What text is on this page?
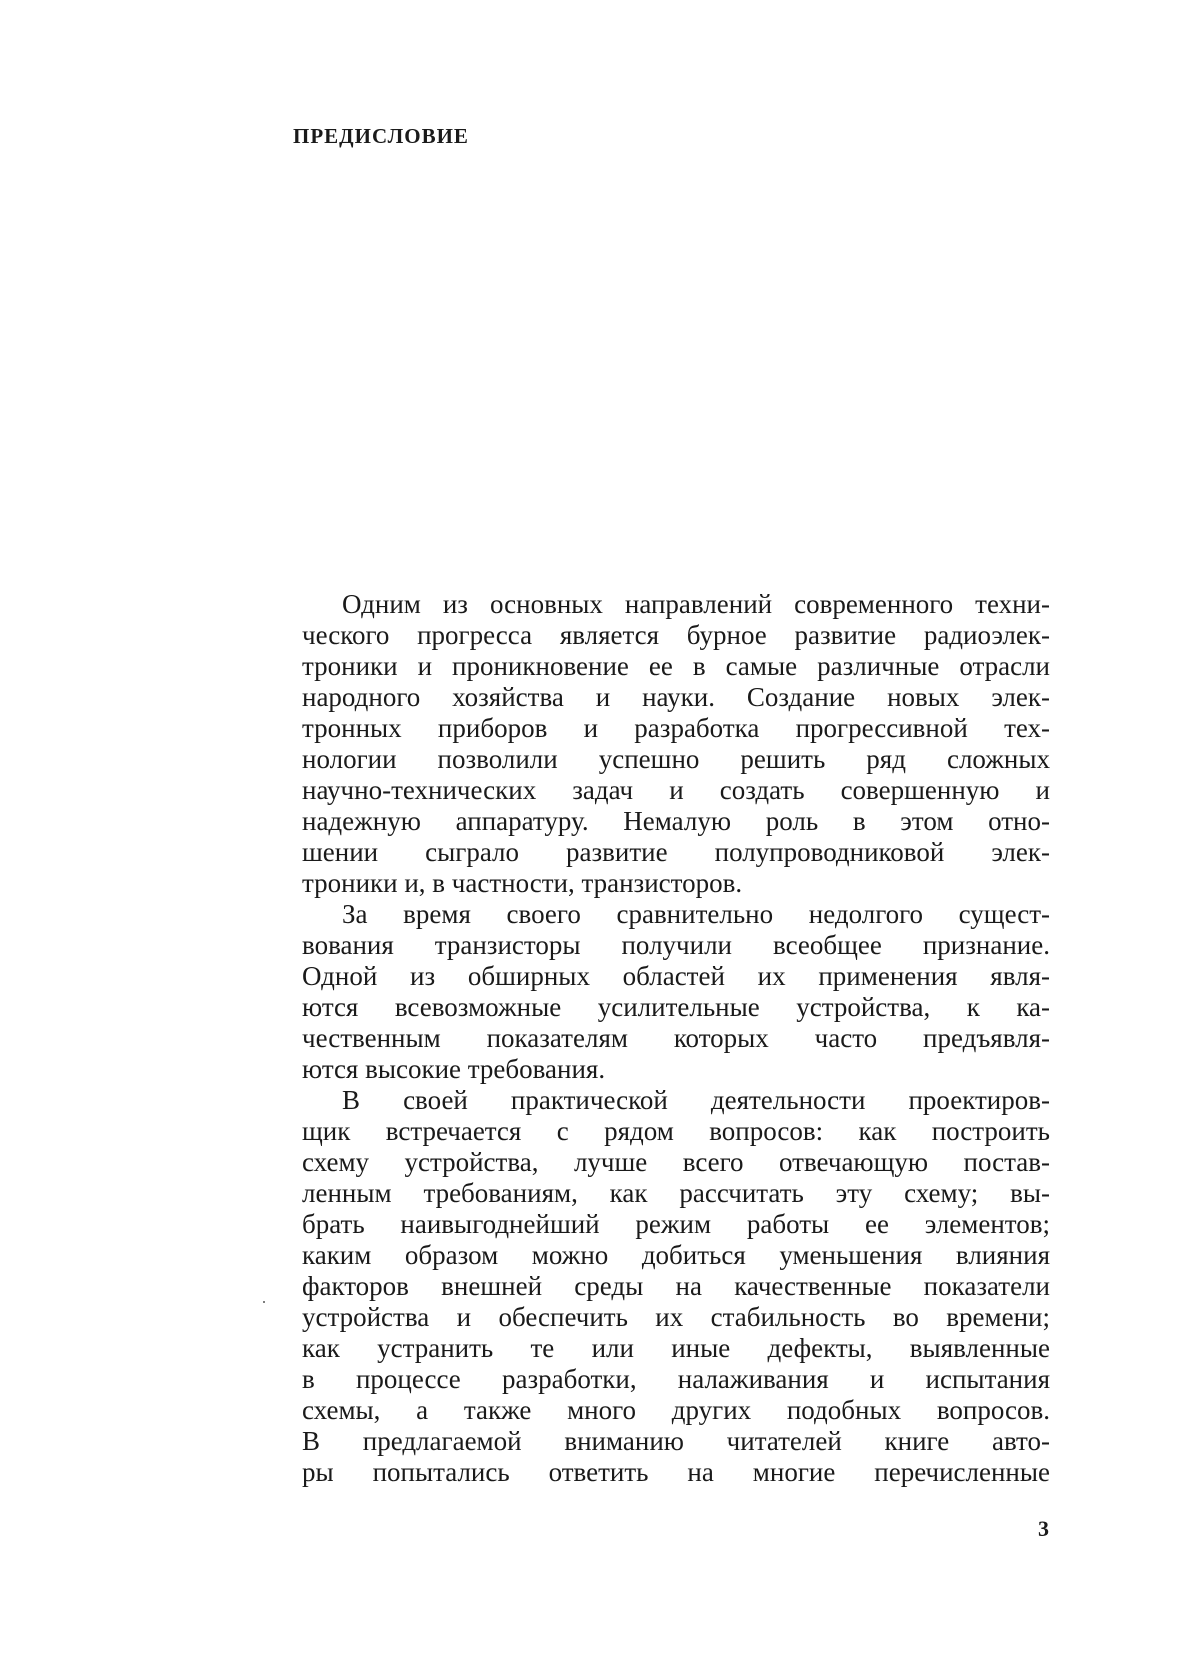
ПРЕДИСЛОВИЕ
Одним из основных направлений современного техни-
ческого прогресса является бурное развитие радиоэлек-
троники и проникновение ее в самые различные отрасли
народного хозяйства и науки. Создание новых элек-
тронных приборов и разработка прогрессивной тех-
нологии позволили успешно решить ряд сложных
научно-технических задач и создать совершенную и
надежную аппаратуру. Немалую роль в этом отно-
шении сыграло развитие полупроводниковой элек-
троники и, в частности, транзисторов.
За время своего сравнительно недолгого сущест-
вования транзисторы получили всеобщее признание.
Одной из обширных областей их применения явля-
ются всевозможные усилительные устройства, к ка-
чественным показателям которых часто предъявля-
ются высокие требования.
В своей практической деятельности проектиров-
щик встречается с рядом вопросов: как построить
схему устройства, лучше всего отвечающую постав-
ленным требованиям, как рассчитать эту схему; вы-
брать наивыгоднейший режим работы ее элементов;
каким образом можно добиться уменьшения влияния
факторов внешней среды на качественные показатели
устройства и обеспечить их стабильность во времени;
как устранить те или иные дефекты, выявленные
в процессе разработки, налаживания и испытания
схемы, а также много других подобных вопросов.
В предлагаемой вниманию читателей книге авто-
ры попытались ответить на многие перечисленные
3
